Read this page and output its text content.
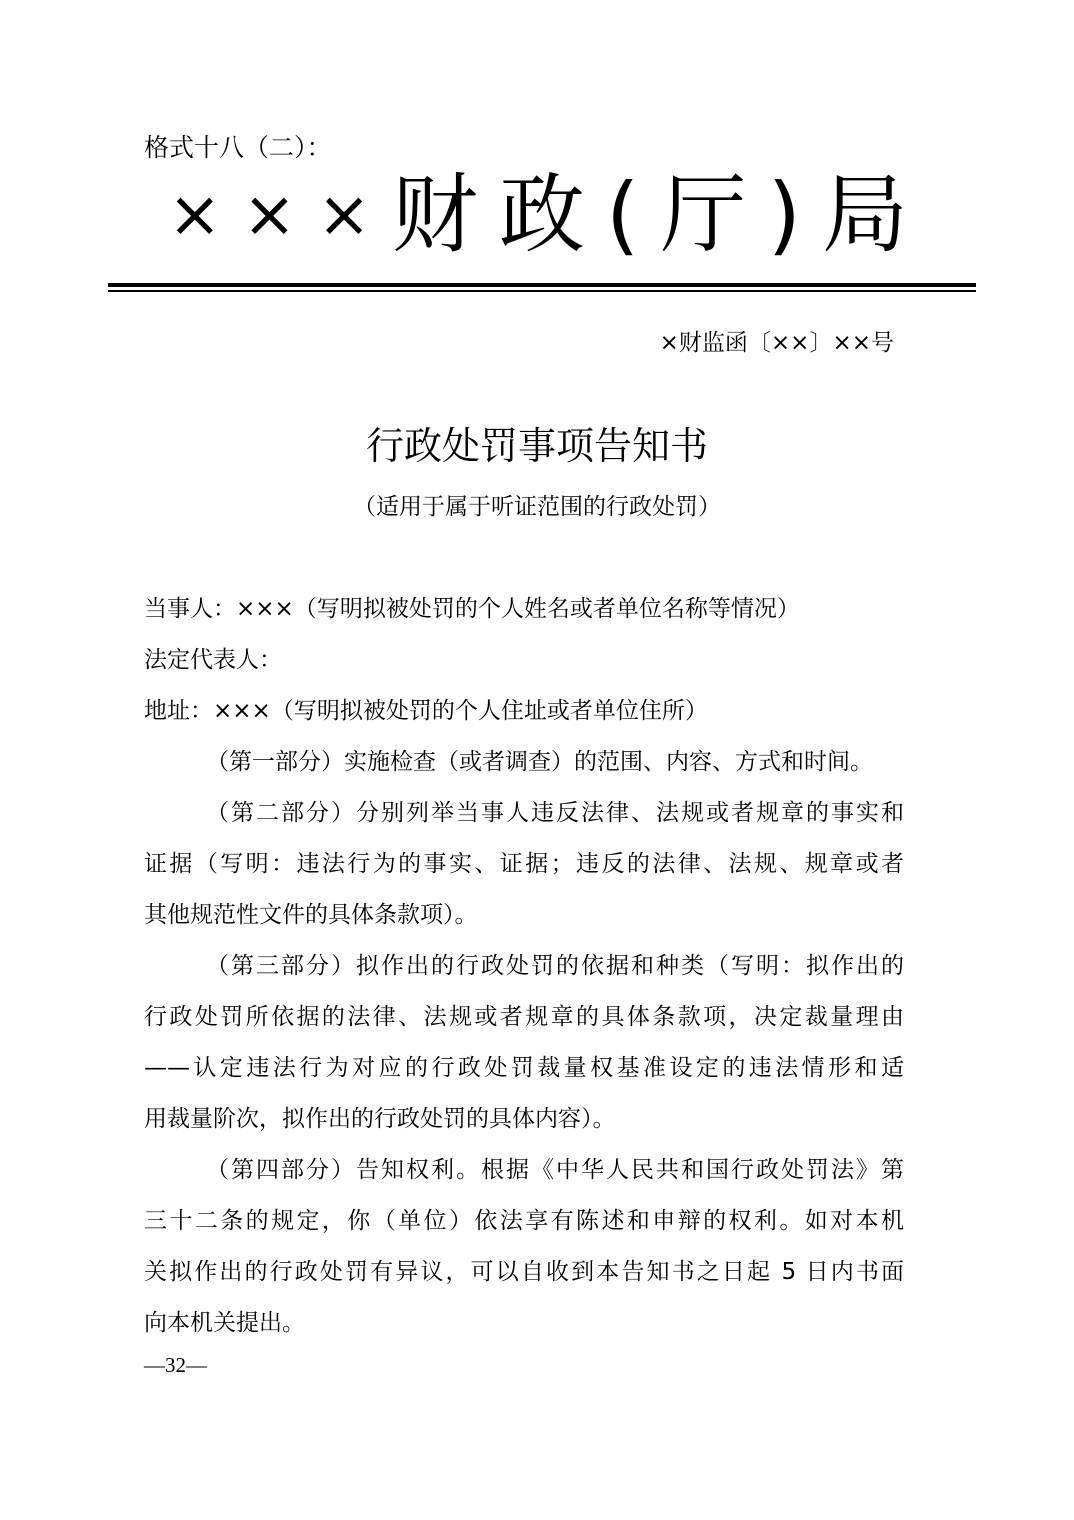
格式十八（二）：
× × × 财 政 ( 厅 ) 局
×财监函〔××〕××号
行政处罚事项告知书
（适用于属于听证范围的行政处罚）
当事人：×××（写明拟被处罚的个人姓名或者单位名称等情况）
法定代表人：
地址：×××（写明拟被处罚的个人住址或者单位住所）
（第一部分）实施检查（或者调查）的范围、内容、方式和时间。
（第二部分）分别列举当事人违反法律、法规或者规章的事实和
证据（写明：违法行为的事实、证据；违反的法律、法规、规章或者
其他规范性文件的具体条款项）。
（第三部分）拟作出的行政处罚的依据和种类（写明：拟作出的
行政处罚所依据的法律、法规或者规章的具体条款项，决定裁量理由
——认定违法行为对应的行政处罚裁量权基准设定的违法情形和适
用裁量阶次，拟作出的行政处罚的具体内容）。
（第四部分）告知权利。根据《中华人民共和国行政处罚法》第
三十二条的规定，你（单位）依法享有陈述和申辩的权利。如对本机
关拟作出的行政处罚有异议，可以自收到本告知书之日起 5 日内书面
向本机关提出。
—32—
